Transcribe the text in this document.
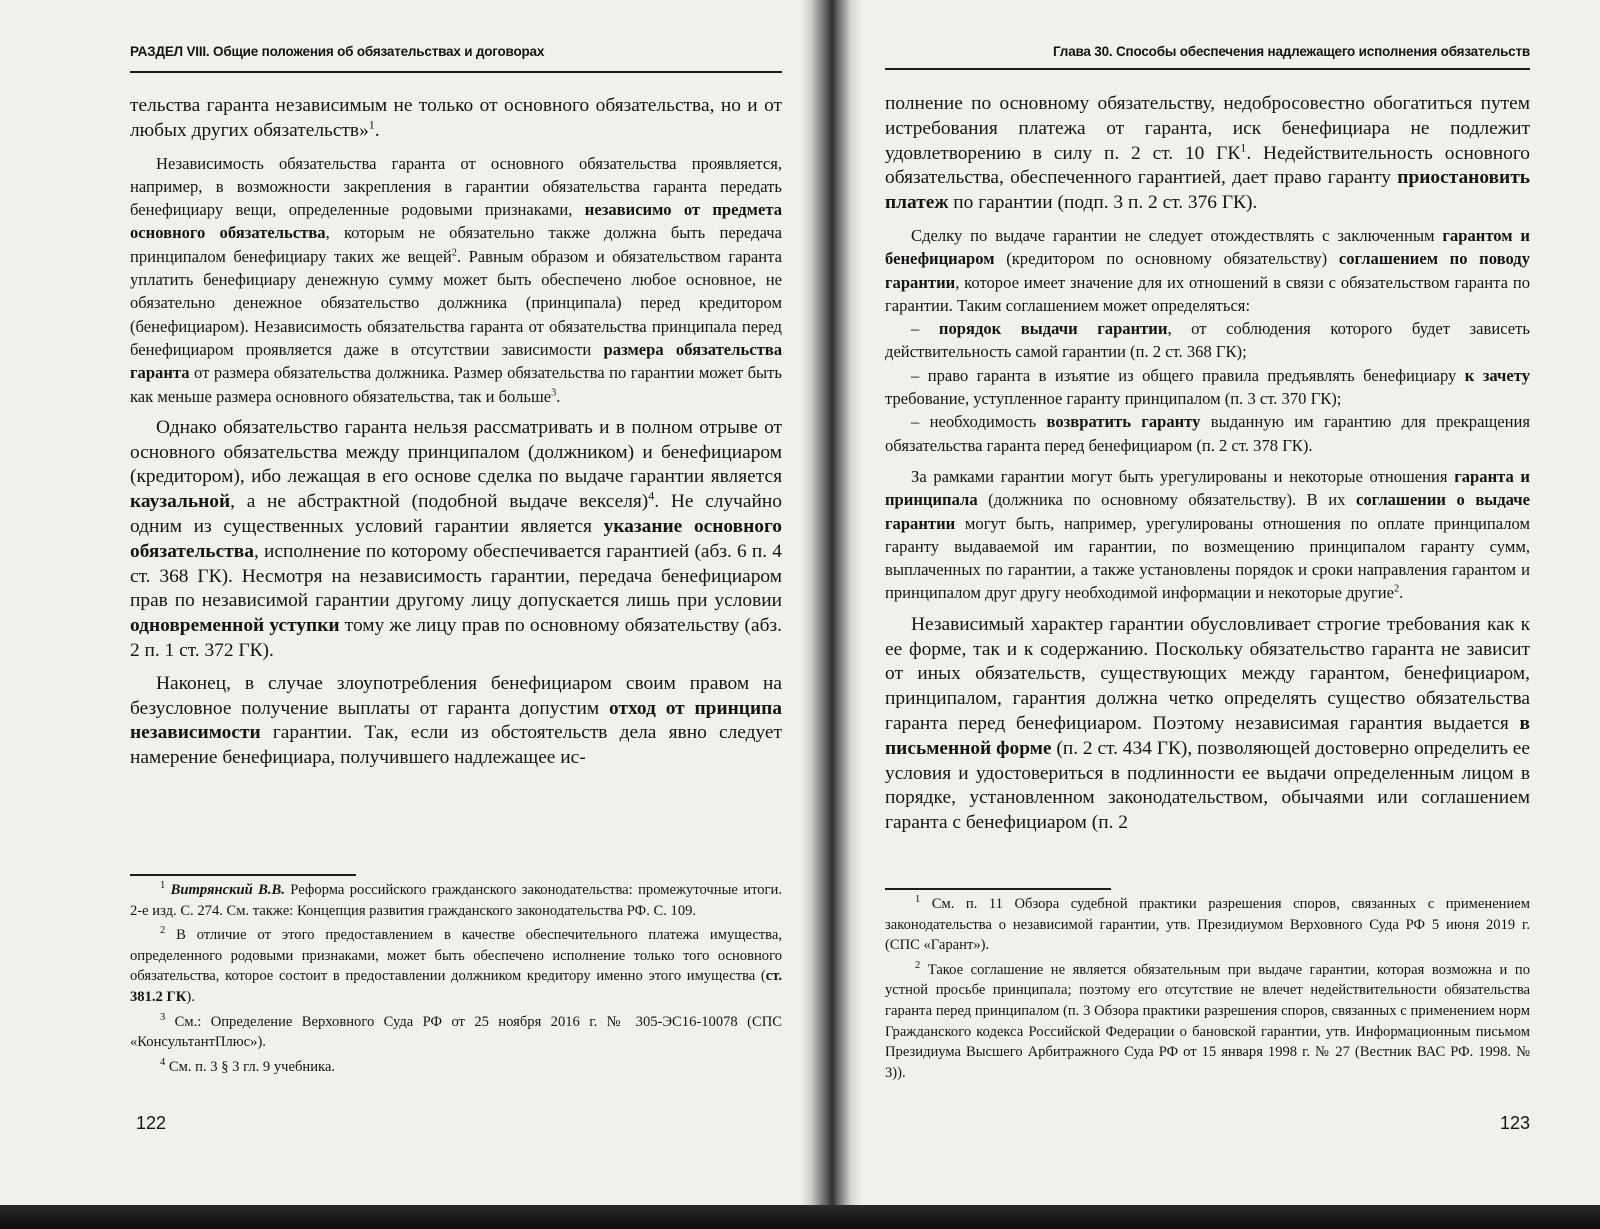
РАЗДЕЛ VIII. Общие положения об обязательствах и договорах

тельства гаранта независимым не только от основного обязательства, но и от любых других обязательств»$^1$.

Независимость обязательства гаранта от основного обязательства проявляется, например, в возможности закрепления в гарантии обязательства гаранта передать бенефициару вещи, определенные родовыми признаками, независимо от предмета основного обязательства, которым не обязательно также должна быть передача принципалом бенефициару таких же вещей$^2$. Равным образом и обязательством гаранта уплатить бенефициару денежную сумму может быть обеспечено любое основное, не обязательно денежное обязательство должника (принципала) перед кредитором (бенефициаром). Независимость обязательства гаранта от обязательства принципала перед бенефициаром проявляется даже в отсутствии зависимости размера обязательства гаранта от размера обязательства должника. Размер обязательства по гарантии может быть как меньше размера основного обязательства, так и больше$^3$.

Однако обязательство гаранта нельзя рассматривать и в полном отрыве от основного обязательства между принципалом (должником) и бенефициаром (кредитором), ибо лежащая в его основе сделка по выдаче гарантии является каузальной, а не абстрактной (подобной выдаче векселя)$^4$. Не случайно одним из существенных условий гарантии является указание основного обязательства, исполнение по которому обеспечивается гарантией (абз. 6 п. 4 ст. 368 ГК). Несмотря на независимость гарантии, передача бенефициаром прав по независимой гарантии другому лицу допускается лишь при условии одновременной уступки тому же лицу прав по основному обязательству (абз. 2 п. 1 ст. 372 ГК).

Наконец, в случае злоупотребления бенефициаром своим правом на безусловное получение выплаты от гаранта допустим отход от принципа независимости гарантии. Так, если из обстоятельств дела явно следует намерение бенефициара, получившего надлежащее ис-

$^1$ Витрянский В.В. Реформа российского гражданского законодательства: промежуточные итоги. 2-е изд. С. 274. См. также: Концепция развития гражданского законодательства РФ. С. 109.

$^2$ В отличие от этого предоставлением в качестве обеспечительного платежа имущества, определенного родовыми признаками, может быть обеспечено исполнение только того основного обязательства, которое состоит в предоставлении должником кредитору именно этого имущества (ст. 381.2 ГК).

$^3$ См.: Определение Верховного Суда РФ от 25 ноября 2016 г. № 305-ЭС16-10078 (СПС «КонсультантПлюс»).

$^4$ См. п. 3 § 3 гл. 9 учебника.

122
Глава 30. Способы обеспечения надлежащего исполнения обязательств

полнение по основному обязательству, недобросовестно обогатиться путем истребования платежа от гаранта, иск бенефициара не подлежит удовлетворению в силу п. 2 ст. 10 $ГК^1$. Недействительность основного обязательства, обеспеченного гарантией, дает право гаранту приостановить платеж по гарантии (подп. 3 п. 2 ст. 376 ГК).

Сделку по выдаче гарантии не следует отождествлять с заключенным гарантом и бенефициаром (кредитором по основному обязательству) соглашением по поводу гарантии, которое имеет значение для их отношений в связи с обязательством гаранта по гарантии. Таким соглашением может определяться:

– порядок выдачи гарантии, от соблюдения которого будет зависеть действительность самой гарантии (п. 2 ст. 368 ГК);

– право гаранта в изъятие из общего правила предъявлять бенефициару к зачету требование, уступленное гаранту принципалом (п. 3 ст. 370 ГК);

– необходимость возвратить гаранту выданную им гарантию для прекращения обязательства гаранта перед бенефициаром (п. 2 ст. 378 ГК).

За рамками гарантии могут быть урегулированы и некоторые отношения гаранта и принципала (должника по основному обязательству). В их соглашении о выдаче гарантии могут быть, например, урегулированы отношения по оплате принципалом гаранту выдаваемой им гарантии, по возмещению принципалом гаранту сумм, выплаченных по гарантии, а также установлены порядок и сроки направления гарантом и принципалом друг другу необходимой информации и некоторые другие$^2$.

Независимый характер гарантии обусловливает строгие требования как к ее форме, так и к содержанию. Поскольку обязательство гаранта не зависит от иных обязательств, существующих между гарантом, бенефициаром, принципалом, гарантия должна четко определять существо обязательства гаранта перед бенефициаром. Поэтому независимая гарантия выдается в письменной форме (п. 2 ст. 434 ГК), позволяющей достоверно определить ее условия и удостовериться в подлинности ее выдачи определенным лицом в порядке, установленном законодательством, обычаями или соглашением гаранта с бенефициаром (п. 2

$^1$ См. п. 11 Обзора судебной практики разрешения споров, связанных с применением законодательства о независимой гарантии, утв. Президиумом Верховного Суда РФ 5 июня 2019 г. (СПС «Гарант»).

$^2$ Такое соглашение не является обязательным при выдаче гарантии, которая возможна и по устной просьбе принципала; поэтому его отсутствие не влечет недействительности обязательства гаранта перед принципалом (п. 3 Обзора практики разрешения споров, связанных с применением норм Гражданского кодекса Российской Федерации о бановской гарантии, утв. Информационным письмом Президиума Высшего Арбитражного Суда РФ от 15 января 1998 г. № 27 (Вестник ВАС РФ. 1998. № 3)).

123
